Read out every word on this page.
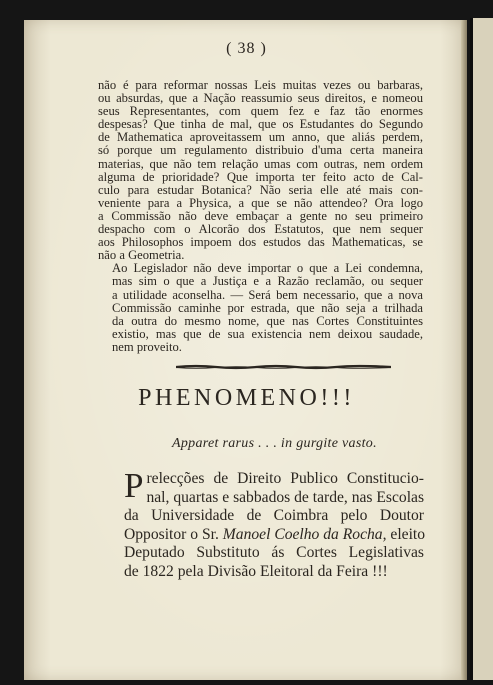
( 38 )

não é para reformar nossas Leis muitas vezes ou barbaras,
ou absurdas, que a Nação reassumio seus direitos, e nomeou
seus Representantes, com quem fez e faz tão enormes
despesas? Que tinha de mal, que os Estudantes do Segundo
de Mathematica aproveitassem um anno, que aliás perdem,
só porque um regulamento distribuio d'uma certa maneira
materias, que não tem relação umas com outras, nem ordem
alguma de prioridade? Que importa ter feito acto de Cal-
culo para estudar Botanica? Não seria elle até mais con-
veniente para a Physica, a que se não attendeo? Ora logo
a Commissão não deve embaçar a gente no seu primeiro
despacho com o Alcorão dos Estatutos, que nem sequer
aos Philosophos impoem dos estudos das Mathematicas, se
não a Geometria.

Ao Legislador não deve importar o que a Lei condemna,
mas sim o que a Justiça e a Razão reclamão, ou sequer
a utilidade aconselha. — Será bem necessario, que a nova
Commissão caminhe por estrada, que não seja a trilhada
da outra do mesmo nome, que nas Cortes Constituintes
existio, mas que de sua existencia nem deixou saudade,
nem proveito.

PHENOMENO!!!
Apparet rarus . . . in gurgite vasto.
P relecções de Direito Publico Constitucio-
nal, quartas e sabbados de tarde, nas Escolas
da Universidade de Coimbra pelo Doutor
Oppositor o Sr. Manoel Coelho da Rocha, eleito
Deputado Substituto ás Cortes Legislativas
de 1822 pela Divisão Eleitoral da Feira !!!
